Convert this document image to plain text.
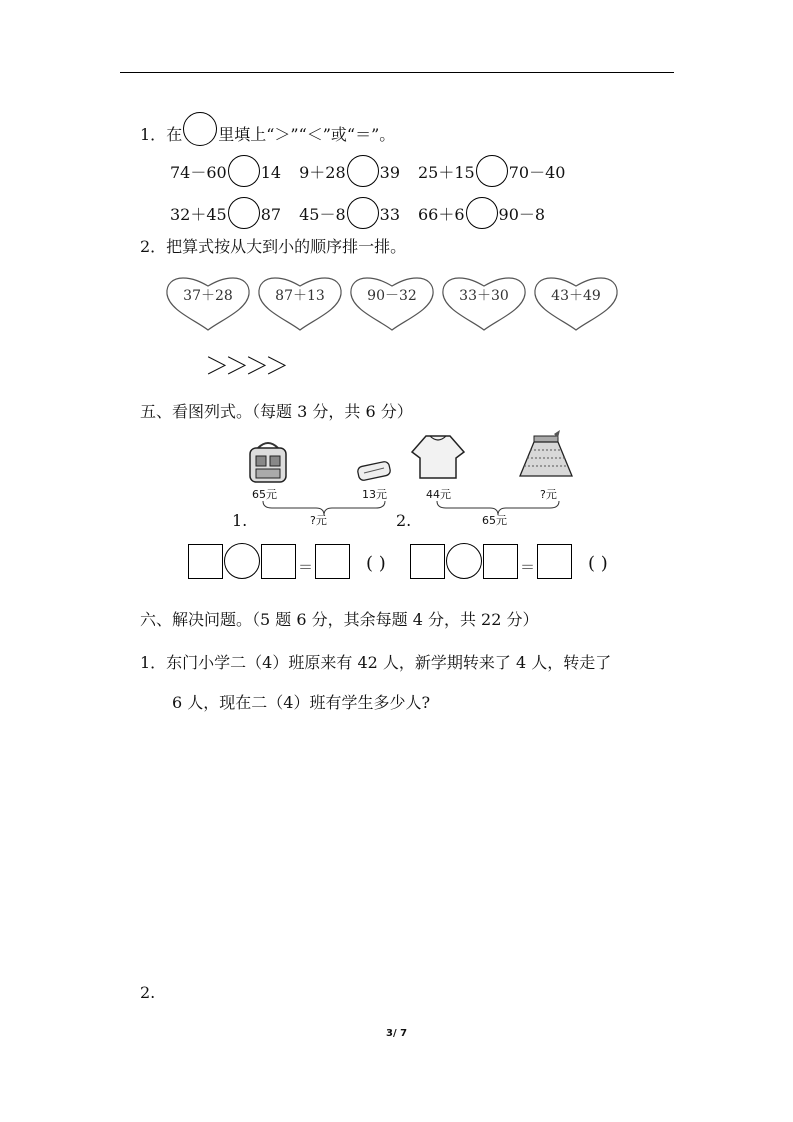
1．在 里填上“＞”“＜”或“＝”。
74－60 14 9＋28 39 25＋15 70－40
32＋45 87 45－8 33 66＋6 90－8
2．把算式按从大到小的顺序排一排。
37＋28	87＋13	90－32	33＋30	43＋49
＞＞＞＞
五、看图列式。（每题 3 分，共 6 分）
65元	13元
?元
1.
44元	?元
65元
2.
＝	( )	＝	( )
六、解决问题。（5 题 6 分，其余每题 4 分，共 22 分）
1．东门小学二（4）班原来有 42 人，新学期转来了 4 人，转走了
6 人，现在二（4）班有学生多少人?
2.
3/ 7
